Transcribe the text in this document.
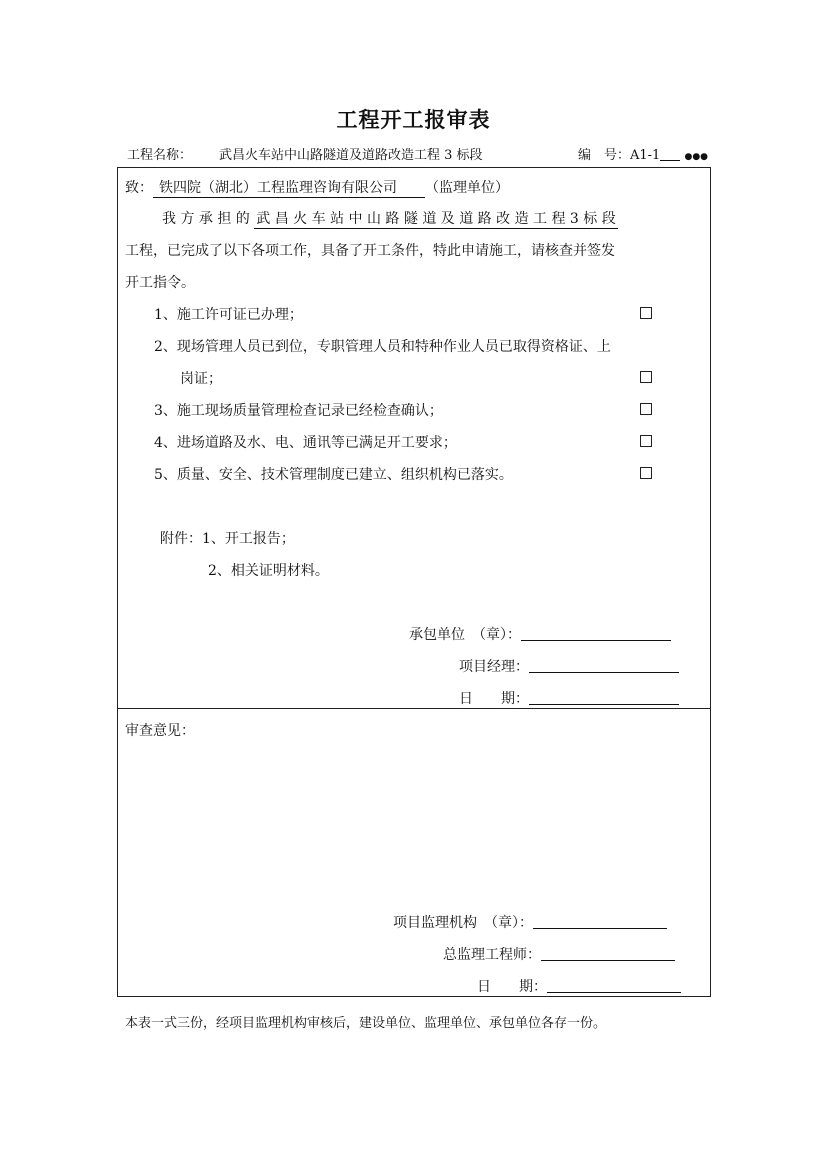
工程开工报审表
工程名称： 武昌火车站中山路隧道及道路改造工程 3 标段	编　号：A1-1	●●●
致： 铁四院（湖北）工程监理咨询有限公司 （监理单位）
我 方 承 担 的 武 昌 火 车 站 中 山 路 隧 道 及 道 路 改 造 工 程 3 标 段
工程，已完成了以下各项工作，具备了开工条件，特此申请施工，请核查并签发
开工指令。
1、施工许可证已办理；
2、现场管理人员已到位，专职管理人员和特种作业人员已取得资格证、上
岗证；
3、施工现场质量管理检查记录已经检查确认；
4、进场道路及水、电、通讯等已满足开工要求；
5、质量、安全、技术管理制度已建立、组织机构已落实。
附件：1、开工报告；
2、相关证明材料。
承包单位　（章）：
项目经理：
日　　期：
审查意见：
项目监理机构　（章）：
总监理工程师：
日　　期：
本表一式三份，经项目监理机构审核后，建设单位、监理单位、承包单位各存一份。
